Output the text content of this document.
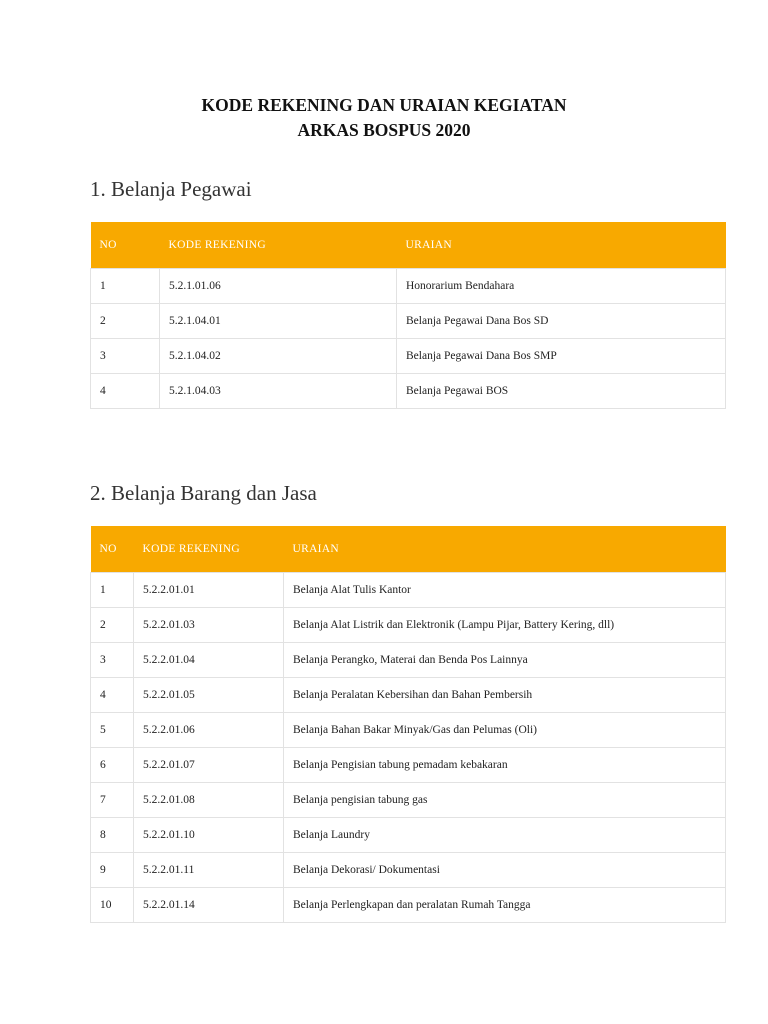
KODE REKENING DAN URAIAN KEGIATAN
ARKAS BOSPUS 2020
1. Belanja Pegawai
NO	KODE REKENING	URAIAN
1	5.2.1.01.06	Honorarium Bendahara
2	5.2.1.04.01	Belanja Pegawai Dana Bos SD
3	5.2.1.04.02	Belanja Pegawai Dana Bos SMP
4	5.2.1.04.03	Belanja Pegawai BOS
2. Belanja Barang dan Jasa
NO	KODE REKENING	URAIAN
1	5.2.2.01.01	Belanja Alat Tulis Kantor
2	5.2.2.01.03	Belanja Alat Listrik dan Elektronik (Lampu Pijar, Battery Kering, dll)
3	5.2.2.01.04	Belanja Perangko, Materai dan Benda Pos Lainnya
4	5.2.2.01.05	Belanja Peralatan Kebersihan dan Bahan Pembersih
5	5.2.2.01.06	Belanja Bahan Bakar Minyak/Gas dan Pelumas (Oli)
6	5.2.2.01.07	Belanja Pengisian tabung pemadam kebakaran
7	5.2.2.01.08	Belanja pengisian tabung gas
8	5.2.2.01.10	Belanja Laundry
9	5.2.2.01.11	Belanja Dekorasi/ Dokumentasi
10	5.2.2.01.14	Belanja Perlengkapan dan peralatan Rumah Tangga
